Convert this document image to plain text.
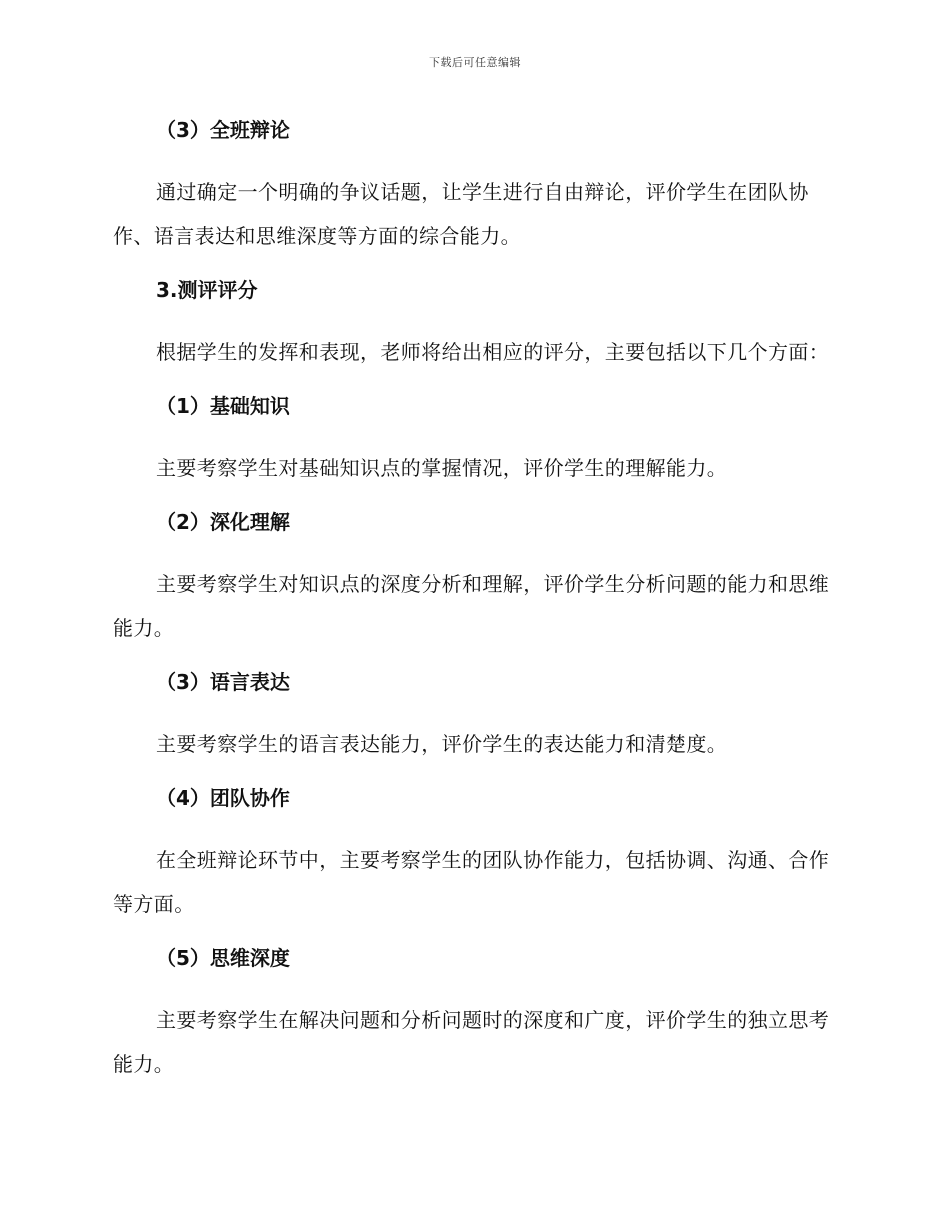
下载后可任意编辑
（3）全班辩论
通过确定一个明确的争议话题，让学生进行自由辩论，评价学生在团队协作、语言表达和思维深度等方面的综合能力。
3.测评评分
根据学生的发挥和表现，老师将给出相应的评分，主要包括以下几个方面：
（1）基础知识
主要考察学生对基础知识点的掌握情况，评价学生的理解能力。
（2）深化理解
主要考察学生对知识点的深度分析和理解，评价学生分析问题的能力和思维能力。
（3）语言表达
主要考察学生的语言表达能力，评价学生的表达能力和清楚度。
（4）团队协作
在全班辩论环节中，主要考察学生的团队协作能力，包括协调、沟通、合作等方面。
（5）思维深度
主要考察学生在解决问题和分析问题时的深度和广度，评价学生的独立思考能力。
